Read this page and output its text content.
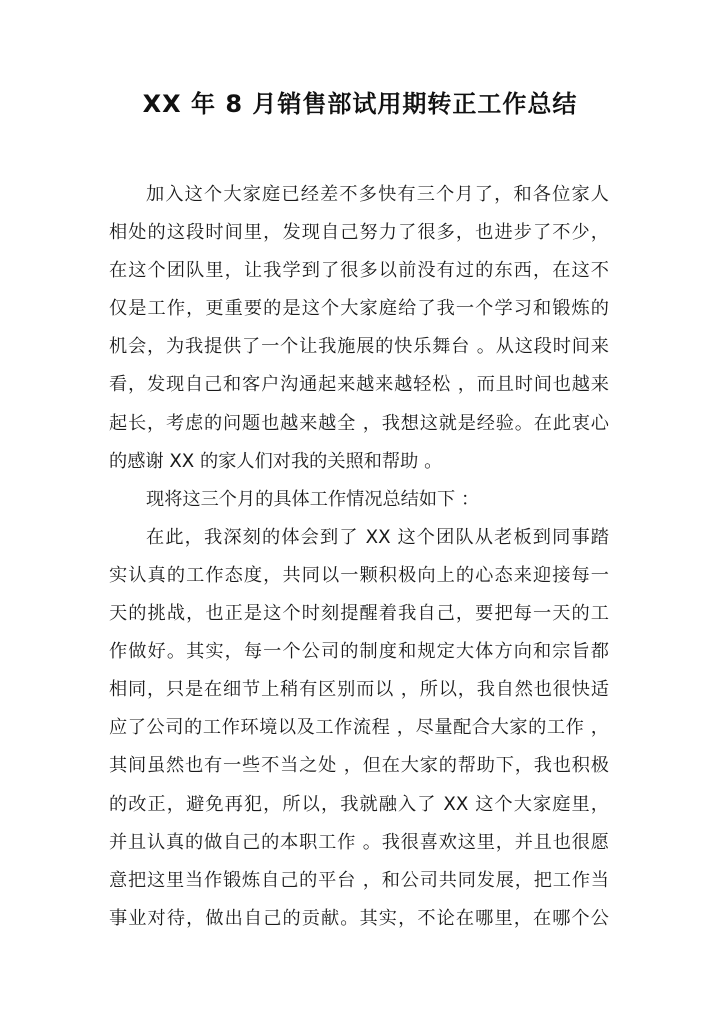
XX 年 8 月销售部试用期转正工作总结
加入这个大家庭已经差不多快有三个月了，和各位家人
相处的这段时间里，发现自己努力了很多，也进步了不少，
在这个团队里，让我学到了很多以前没有过的东西，在这不
仅是工作，更重要的是这个大家庭给了我一个学习和锻炼的
机会，为我提供了一个让我施展的快乐舞台 。从这段时间来
看，发现自己和客户沟通起来越来越轻松 ，而且时间也越来
起长，考虑的问题也越来越全 ，我想这就是经验。在此衷心
的感谢 XX 的家人们对我的关照和帮助 。
现将这三个月的具体工作情况总结如下 ：
在此，我深刻的体会到了 XX 这个团队从老板到同事踏
实认真的工作态度，共同以一颗积极向上的心态来迎接每一
天的挑战，也正是这个时刻提醒着我自己，要把每一天的工
作做好。其实，每一个公司的制度和规定大体方向和宗旨都
相同，只是在细节上稍有区别而以 ，所以，我自然也很快适
应了公司的工作环境以及工作流程 ，尽量配合大家的工作 ，
其间虽然也有一些不当之处 ，但在大家的帮助下，我也积极
的改正，避免再犯，所以，我就融入了 XX 这个大家庭里，
并且认真的做自己的本职工作 。我很喜欢这里，并且也很愿
意把这里当作锻炼自己的平台 ，和公司共同发展，把工作当
事业对待，做出自己的贡献。其实，不论在哪里，在哪个公
